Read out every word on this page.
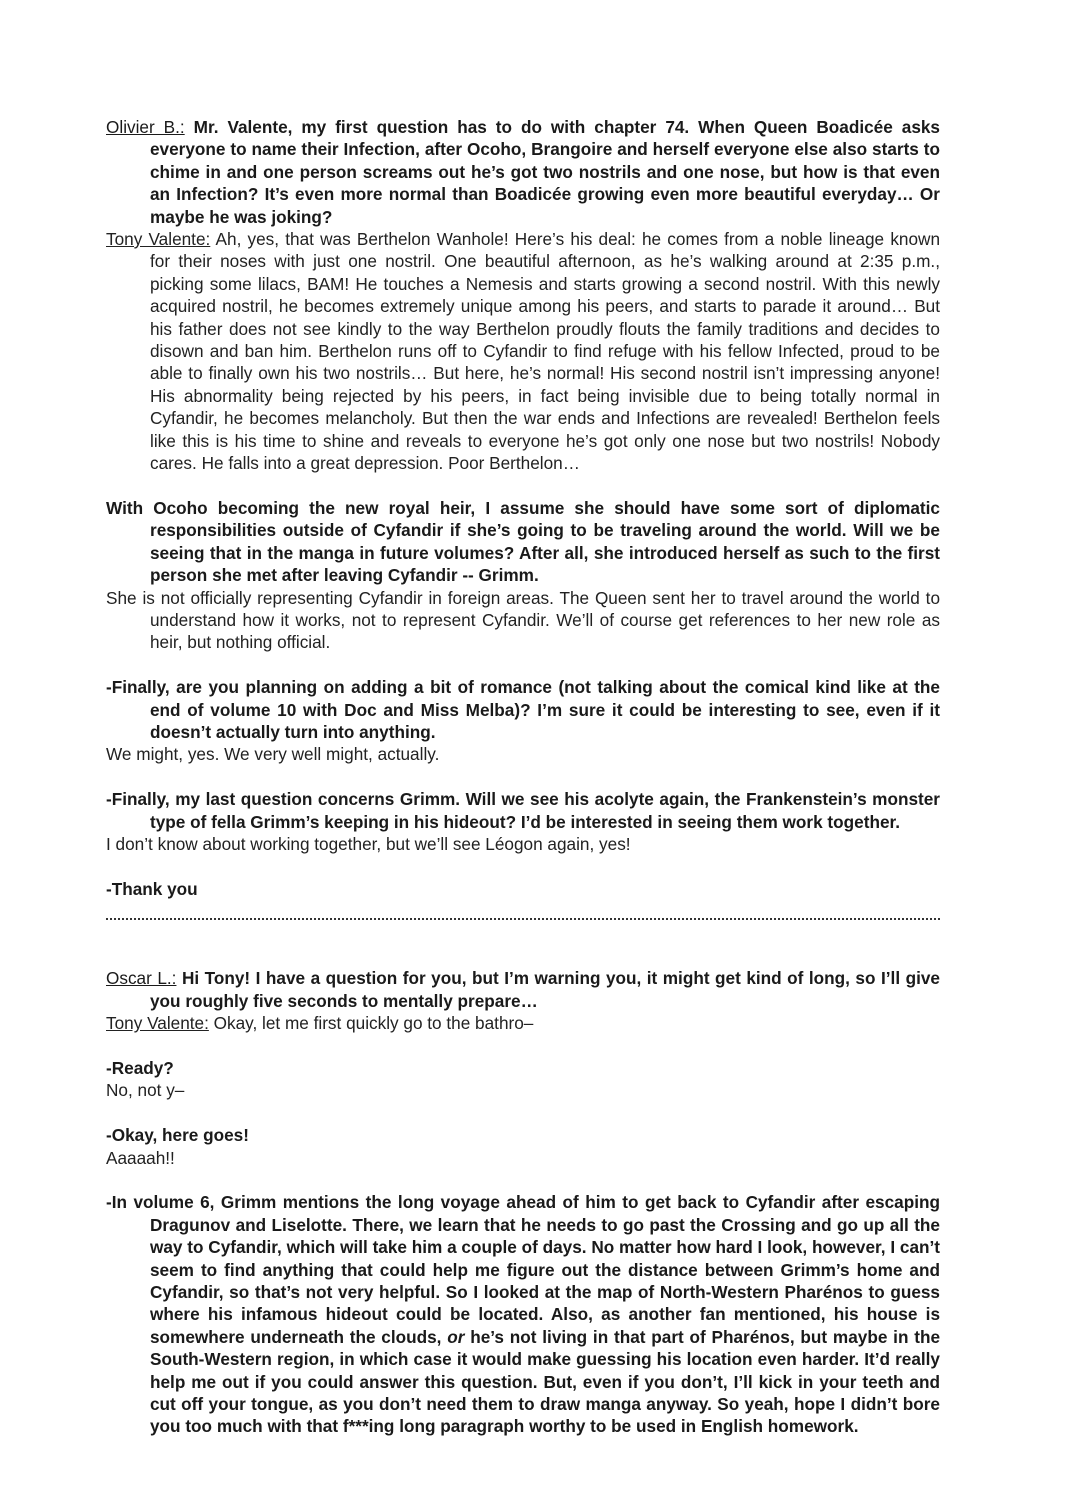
Olivier B.: Mr. Valente, my first question has to do with chapter 74. When Queen Boadicée asks everyone to name their Infection, after Ocoho, Brangoire and herself everyone else also starts to chime in and one person screams out he’s got two nostrils and one nose, but how is that even an Infection? It’s even more normal than Boadicée growing even more beautiful everyday… Or maybe he was joking?

Tony Valente: Ah, yes, that was Berthelon Wanhole! Here’s his deal: he comes from a noble lineage known for their noses with just one nostril. One beautiful afternoon, as he’s walking around at 2:35 p.m., picking some lilacs, BAM! He touches a Nemesis and starts growing a second nostril. With this newly acquired nostril, he becomes extremely unique among his peers, and starts to parade it around… But his father does not see kindly to the way Berthelon proudly flouts the family traditions and decides to disown and ban him. Berthelon runs off to Cyfandir to find refuge with his fellow Infected, proud to be able to finally own his two nostrils… But here, he’s normal! His second nostril isn’t impressing anyone! His abnormality being rejected by his peers, in fact being invisible due to being totally normal in Cyfandir, he becomes melancholy. But then the war ends and Infections are revealed! Berthelon feels like this is his time to shine and reveals to everyone he’s got only one nose but two nostrils! Nobody cares. He falls into a great depression. Poor Berthelon…

With Ocoho becoming the new royal heir, I assume she should have some sort of diplomatic responsibilities outside of Cyfandir if she’s going to be traveling around the world. Will we be seeing that in the manga in future volumes? After all, she introduced herself as such to the first person she met after leaving Cyfandir -- Grimm.

She is not officially representing Cyfandir in foreign areas. The Queen sent her to travel around the world to understand how it works, not to represent Cyfandir. We’ll of course get references to her new role as heir, but nothing official.

-Finally, are you planning on adding a bit of romance (not talking about the comical kind like at the end of volume 10 with Doc and Miss Melba)? I’m sure it could be interesting to see, even if it doesn’t actually turn into anything.

We might, yes. We very well might, actually.

-Finally, my last question concerns Grimm. Will we see his acolyte again, the Frankenstein’s monster type of fella Grimm’s keeping in his hideout? I’d be interested in seeing them work together.

I don’t know about working together, but we’ll see Léogon again, yes!

-Thank you

Oscar L.: Hi Tony! I have a question for you, but I’m warning you, it might get kind of long, so I’ll give you roughly five seconds to mentally prepare…

Tony Valente: Okay, let me first quickly go to the bathro–

-Ready?

No, not y–

-Okay, here goes!

Aaaaah!!

-In volume 6, Grimm mentions the long voyage ahead of him to get back to Cyfandir after escaping Dragunov and Liselotte. There, we learn that he needs to go past the Crossing and go up all the way to Cyfandir, which will take him a couple of days. No matter how hard I look, however, I can’t seem to find anything that could help me figure out the distance between Grimm’s home and Cyfandir, so that’s not very helpful. So I looked at the map of North-Western Pharénos to guess where his infamous hideout could be located. Also, as another fan mentioned, his house is somewhere underneath the clouds, or he’s not living in that part of Pharénos, but maybe in the South-Western region, in which case it would make guessing his location even harder. It’d really help me out if you could answer this question. But, even if you don’t, I’ll kick in your teeth and cut off your tongue, as you don’t need them to draw manga anyway. So yeah, hope I didn’t bore you too much with that f***ing long paragraph worthy to be used in English homework.
